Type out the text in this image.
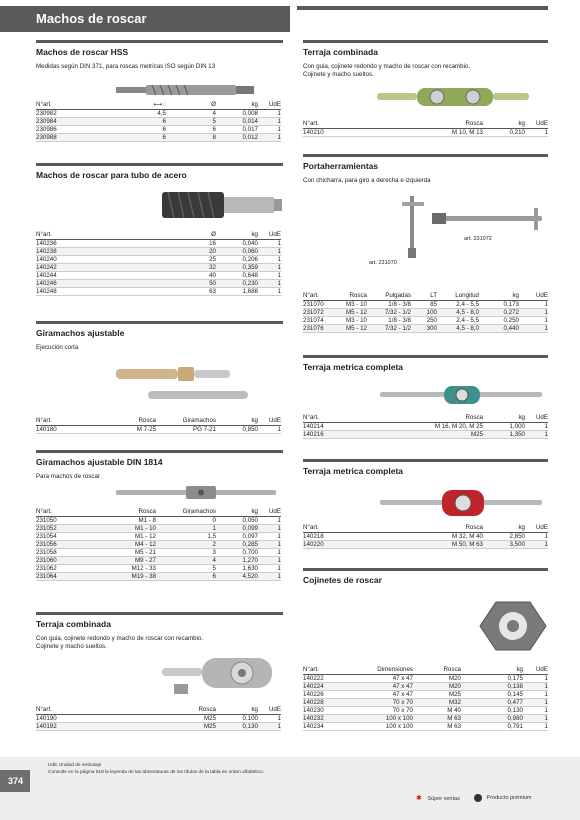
Machos de roscar
Machos de roscar HSS
Medidas según DIN 371, para roscas metricas ISO según DIN 13
N°art.	⟷◌	Ø	kg	UdE
230982	4,5	4	0,008	1
230984	6	5	0,014	1
230986	6	6	0,017	1
230988	6	8	0,012	1
Machos de roscar para tubo de acero
N°art.	Ø	kg	UdE
140236	16	0,040	1
140238	20	0,060	1
140240	25	0,206	1
140242	32	0,359	1
140244	40	0,648	1
140246	50	0,230	1
140248	63	1,688	1
Giramachos ajustable
Ejecución corta
N°art.	Rosca	Giramachos	kg	UdE
140180	M 7-25	PG 7-21	0,850	1
Giramachos ajustable DIN 1814
Para machos de roscar
N°art.	Rosca	Giramachos	kg	UdE
231050	M1 - 8	0	0,050	1
231052	M1 - 10	1	0,099	1
231054	M1 - 12	1,5	0,097	1
231056	M4 - 12	2	0,285	1
231058	M5 - 21	3	0,700	1
231060	M9 - 27	4	1,270	1
231062	M12 - 33	5	1,630	1
231064	M19 - 38	6	4,520	1
Terraja combinada
Con guia, cojinete redondo y macho de roscar con recambio.
Cojinete y macho sueltos.
N°art.	Rosca	kg	UdE
140190	M25	0,100	1
140192	M25	0,130	1
Terraja combinada
Con guia, cojinete redondo y macho de roscar con recambio.
Cojinete y macho sueltos.
N°art.	Rosca	kg	UdE
140210	M 10, M 13	0,210	1
Portaherramientas
Con chicharra, para giro a derecha e izquierda
art. 231072
art. 231070
N°art.	Rosca	Pulgadas	LT	Longitud	kg	UdE
231070	M3 - 10	1/8 - 3/8	85	2,4 - 5,5	0,173	1
231072	M5 - 12	7/32 - 1/2	100	4,5 - 8,0	0,272	1
231074	M3 - 10	1/8 - 3/8	250	2,4 - 5,5	0,250	1
231076	M5 - 12	7/32 - 1/2	300	4,5 - 8,0	0,440	1
Terraja metrica completa
N°art.	Rosca	kg	UdE
140214	M 16, M 20, M 25	1,000	1
140216	M25	1,350	1
Terraja metrica completa
N°art.	Rosca	kg	UdE
140218	M 32, M 40	2,850	1
140220	M 50, M 63	3,500	1
Cojinetes de roscar
N°art.	Dimensiones	Rosca	kg	UdE
140222	47 x 47	M20	0,175	1
140224	47 x 47	M20	0,138	1
140226	47 x 47	M25	0,145	1
140228	70 x 70	M32	0,477	1
140230	70 x 70	M 40	0,130	1
140232	100 x 100	M 63	0,980	1
140234	100 x 100	M 63	0,791	1
374
UdE Unidad de embalaje
Consulte en la página 618 la leyenda de las abreviaturas de los títulos de la tabla en orden alfabético.
✱ Súper ventas	Producto prémium
